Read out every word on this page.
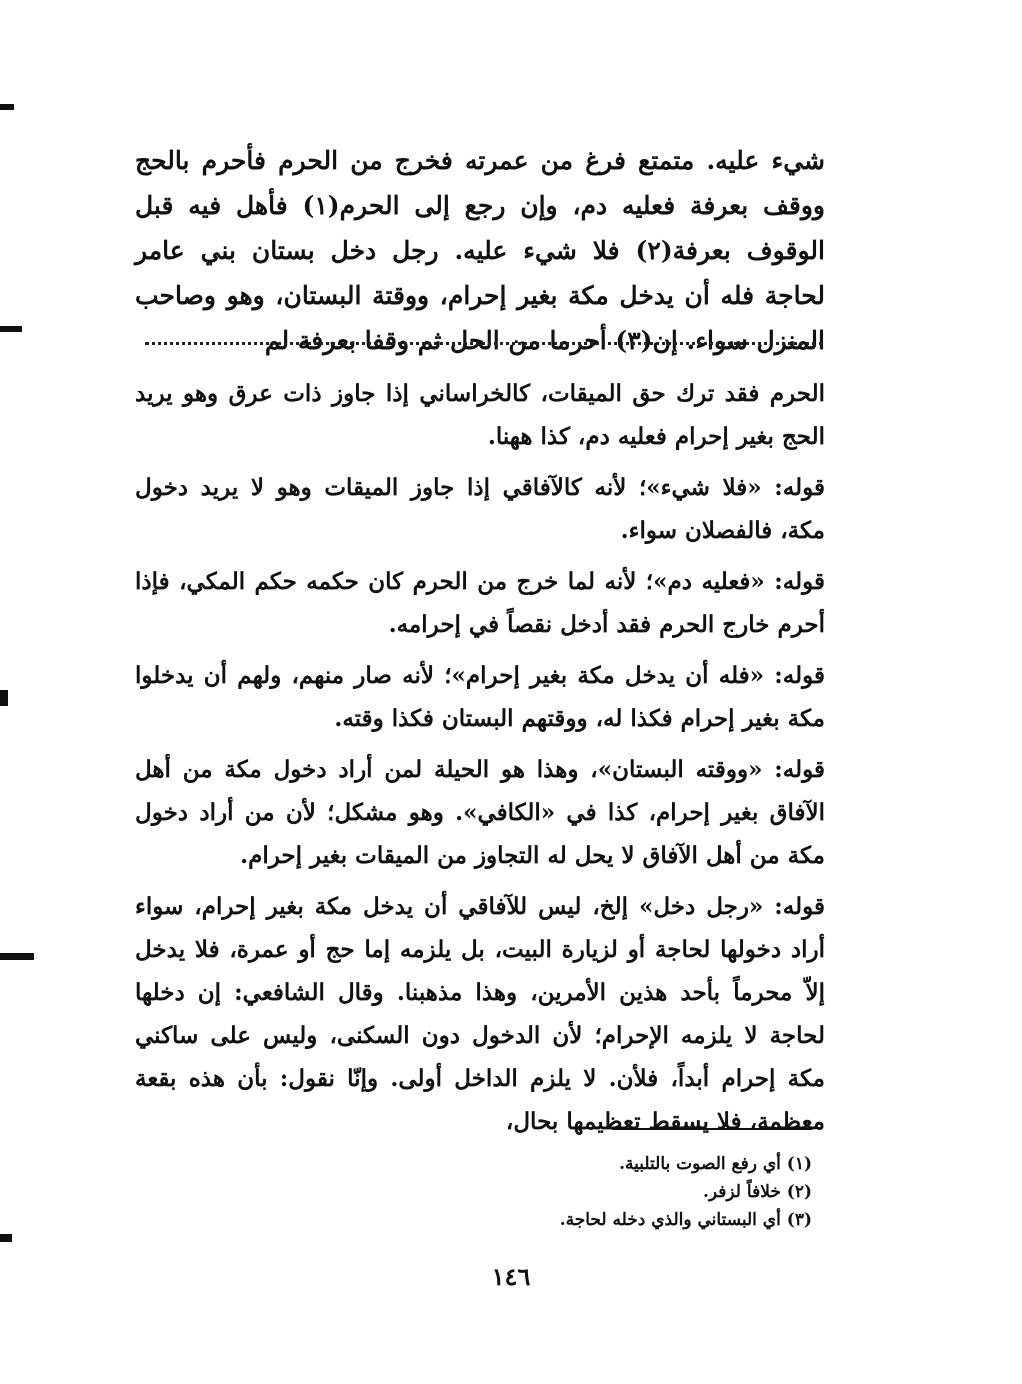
شيء عليه. متمتع فرغ من عمرته فخرج من الحرم فأحرم بالحج ووقف بعرفة فعليه دم، وإن رجع إلى الحرم(١) فأهل فيه قبل الوقوف بعرفة(٢) فلا شيء عليه. رجل دخل بستان بني عامر لحاجة فله أن يدخل مكة بغير إحرام، ووقتة البستان، وهو وصاحب المنزل سواء. إن(٣) أحرما من الحل ثم وقفا بعرفة لم

الحرم فقد ترك حق الميقات، كالخراساني إذا جاوز ذات عرق وهو يريد الحج بغير إحرام فعليه دم، كذا ههنا.

قوله: «فلا شيء»؛ لأنه كالآفاقي إذا جاوز الميقات وهو لا يريد دخول مكة، فالفصلان سواء.

قوله: «فعليه دم»؛ لأنه لما خرج من الحرم كان حكمه حكم المكي، فإذا أحرم خارج الحرم فقد أدخل نقصاً في إحرامه.

قوله: «فله أن يدخل مكة بغير إحرام»؛ لأنه صار منهم، ولهم أن يدخلوا مكة بغير إحرام فكذا له، ووقتهم البستان فكذا وقته.

قوله: «ووقته البستان»، وهذا هو الحيلة لمن أراد دخول مكة من أهل الآفاق بغير إحرام، كذا في «الكافي». وهو مشكل؛ لأن من أراد دخول مكة من أهل الآفاق لا يحل له التجاوز من الميقات بغير إحرام.

قوله: «رجل دخل» إلخ، ليس للآفاقي أن يدخل مكة بغير إحرام، سواء أراد دخولها لحاجة أو لزيارة البيت، بل يلزمه إما حج أو عمرة، فلا يدخل إلاّ محرماً بأحد هذين الأمرين، وهذا مذهبنا. وقال الشافعي: إن دخلها لحاجة لا يلزمه الإحرام؛ لأن الدخول دون السكنى، وليس على ساكني مكة إحرام أبداً، فلأن. لا يلزم الداخل أولى. وإنّا نقول: بأن هذه بقعة معظمة، فلا يسقط تعظيمها بحال،

(١) أي رفع الصوت بالتلبية.
(٢) خلافاً لزفر.
(٣) أي البستاني والذي دخله لحاجة.
١٤٦
